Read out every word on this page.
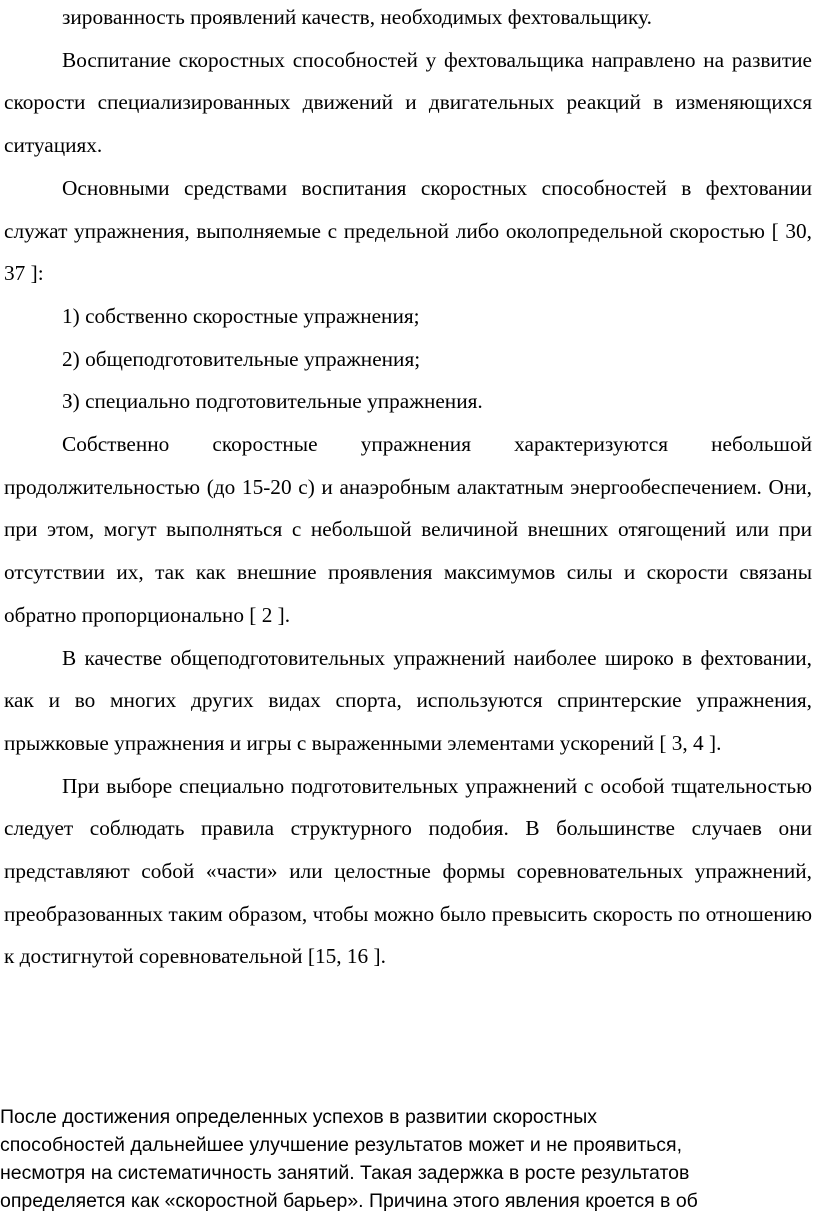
зированность проявлений качеств, необходимых фехтовальщику.

Воспитание скоростных способностей у фехтовальщика направлено на развитие скорости специализированных движений и двигательных реакций в изменяющихся ситуациях.

Основными средствами воспитания скоростных способностей в фехтовании служат упражнения, выполняемые с предельной либо околопредельной скоростью [ 30, 37 ]:

1) собственно скоростные упражнения;

2) общеподготовительные упражнения;

З) специально подготовительные упражнения.

Собственно скоростные упражнения характеризуются небольшой продолжительностью (до 15-20 с) и анаэробным алактатным энергообеспечением. Они, при этом, могут выполняться с небольшой величиной внешних отягощений или при отсутствии их, так как внешние проявления максимумов силы и скорости связаны обратно пропорционально [ 2 ].

В качестве общеподготовительных упражнений наиболее широко в фехтовании, как и во многих других видах спорта, используются спринтерские упражнения, прыжковые упражнения и игры с выраженными элементами ускорений [ 3, 4 ].

При выборе специально подготовительных упражнений с особой тщательностью следует соблюдать правила структурного подобия. В большинстве случаев они представляют собой «части» или целостные формы соревновательных упражнений, преобразованных таким образом, чтобы можно было превысить скорость по отношению к достигнутой соревновательной [15, 16 ].

После достижения определенных успехов в развитии скоростных
способностей дальнейшее улучшение результатов может и не проявиться,
несмотря на систематичность занятий. Такая задержка в росте результатов
определяется как «скоростной барьер». Причина этого явления кроется в об
